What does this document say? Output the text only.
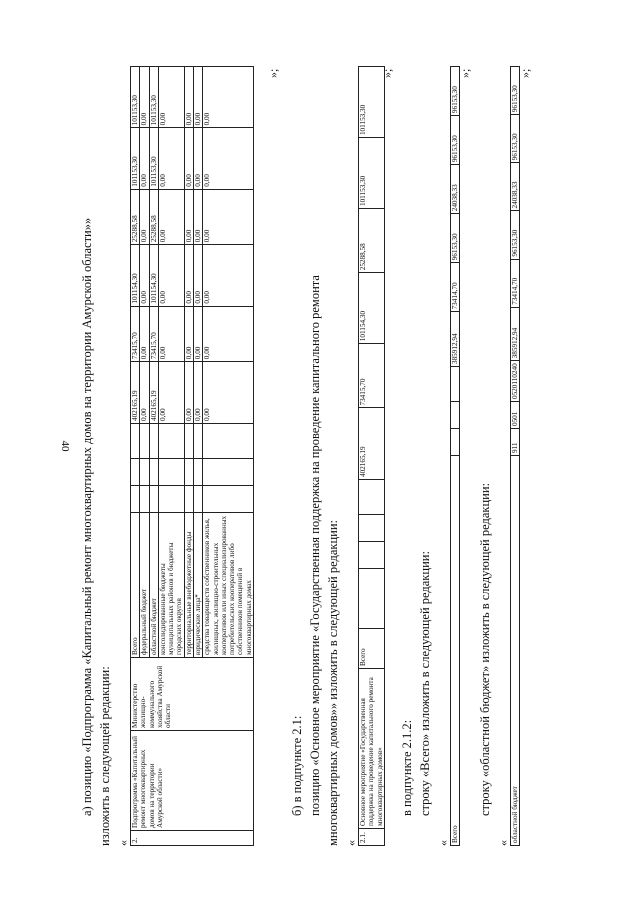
40 а) позицию «Подпрограмма «Капитальный ремонт многоквартирных домов на территории Амурской области»» изложить в следующей редакции: « 2.	Подпрограмма «Капитальный ремонт многоквартирных домов на территории Амурской области»	Министерство жилищно-коммунального хозяйства Амурской области	Всего				402165,19	73415,70	101154,30	25288,58	101153,30	101153,30
			федеральный бюджет				0,00	0,00	0,00	0,00	0,00	0,00
			областной бюджет				402165,19	73415,70	101154,30	25288,58	101153,30	101153,30
			консолидированные бюджеты муниципальных районов и бюджеты городских округов				0,00	0,00	0,00	0,00	0,00	0,00
			территориальные внебюджетные фонды				0,00	0,00	0,00	0,00	0,00	0,00
			юридические лица*				0,00	0,00	0,00	0,00	0,00	0,00
			средства товариществ собственников жилья, жилищных, жилищно-строительных кооперативов или иных специализированных потребительских кооперативов либо собственников помещений в многоквартирных домах				0,00	0,00	0,00	0,00	0,00	0,00
»;
б) в подпункте 2.1: позицию «Основное мероприятие «Государственная поддержка на проведение капитального ремонта многоквартирных домов»» изложить в следующей редакции: « 2.1.	Основное мероприятие «Государственная поддержка на проведение капитального ремонта многоквартирных домов»	Всего					402165,19	73415,70	101154,30	25288,58	101153,30	101153,30
»;
в подпункте 2.1.2: строку «Всего» изложить в следующей редакции:
« Всего				385912,94	73414,70	96153,30	24038,33	96153,30	96153,30
»;
строку «областной бюджет» изложить в следующей редакции:
« областной бюджет	911	0501	0520110240	385912,94	73414,70	96153,30	24038,33	96153,30	96153,30
»;
